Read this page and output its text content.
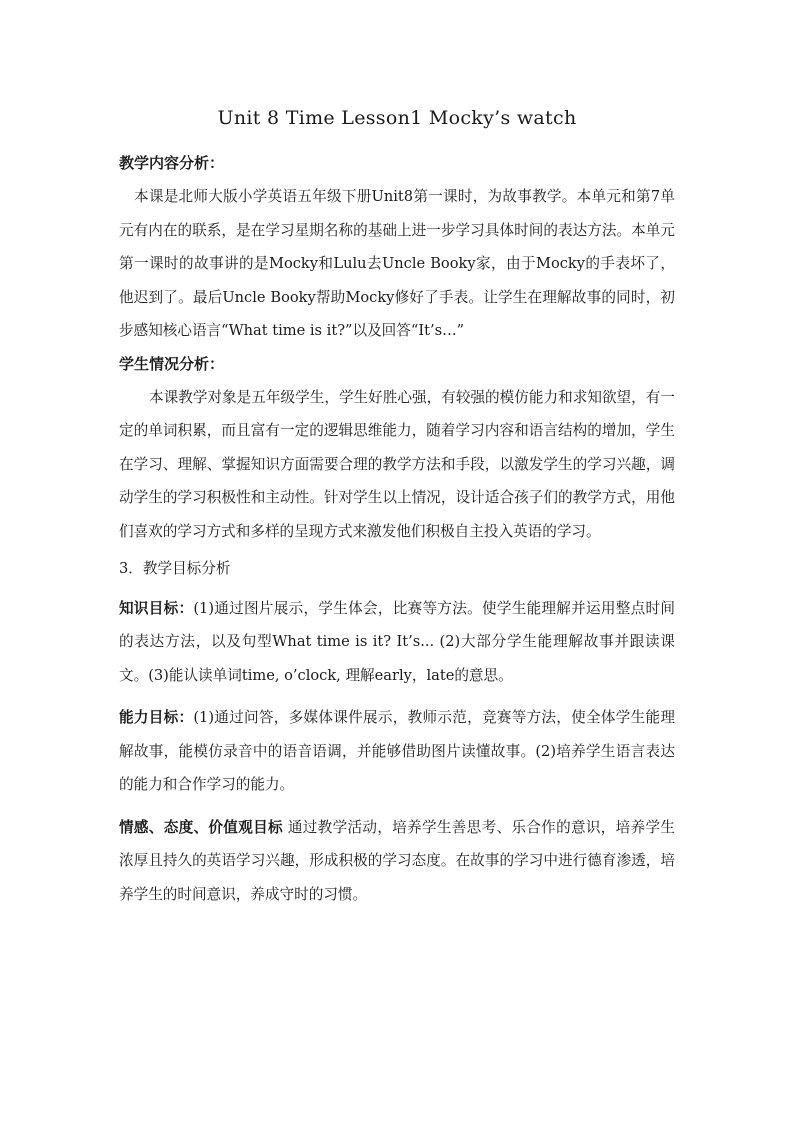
Unit 8 Time Lesson1 Mocky’s watch

教学内容分析：

本课是北师大版小学英语五年级下册Unit8第一课时，为故事教学。本单元和第7单元有内在的联系，是在学习星期名称的基础上进一步学习具体时间的表达方法。本单元第一课时的故事讲的是Mocky和Lulu去Uncle Booky家，由于Mocky的手表坏了，他迟到了。最后Uncle Booky帮助Mocky修好了手表。让学生在理解故事的同时，初步感知核心语言“What time is it?”以及回答“It’s…”

学生情况分析：

本课教学对象是五年级学生，学生好胜心强，有较强的模仿能力和求知欲望，有一定的单词积累，而且富有一定的逻辑思维能力，随着学习内容和语言结构的增加，学生在学习、理解、掌握知识方面需要合理的教学方法和手段，以激发学生的学习兴趣，调动学生的学习积极性和主动性。针对学生以上情况，设计适合孩子们的教学方式，用他们喜欢的学习方式和多样的呈现方式来激发他们积极自主投入英语的学习。

3．教学目标分析

知识目标：(1)通过图片展示，学生体会，比赛等方法。使学生能理解并运用整点时间的表达方法，以及句型What time is it? It’s... (2)大部分学生能理解故事并跟读课文。(3)能认读单词time, o’clock, 理解early，late的意思。

能力目标：(1)通过问答，多媒体课件展示，教师示范，竞赛等方法，使全体学生能理解故事，能模仿录音中的语音语调，并能够借助图片读懂故事。(2)培养学生语言表达的能力和合作学习的能力。

情感、态度、价值观目标 通过教学活动，培养学生善思考、乐合作的意识，培养学生浓厚且持久的英语学习兴趣，形成积极的学习态度。在故事的学习中进行德育渗透，培养学生的时间意识，养成守时的习惯。
